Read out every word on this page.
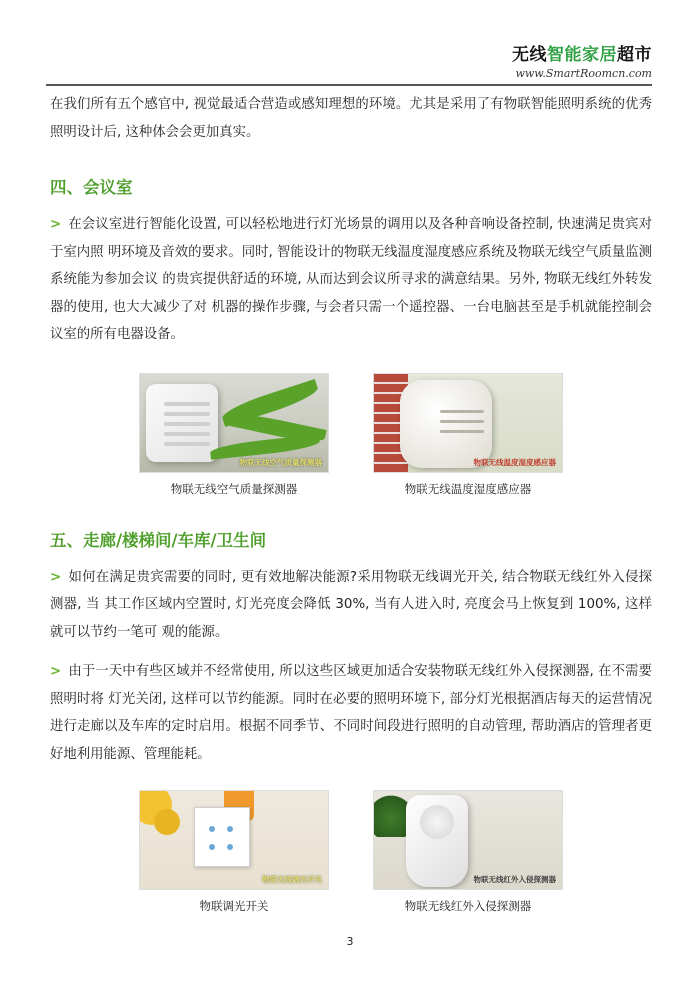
无线智能家居超市
www.SmartRoomcn.com

在我们所有五个感官中, 视觉最适合营造或感知理想的环境。尤其是采用了有物联智能照明系统的优秀照明设计后, 这种体会会更加真实。

四、会议室

> 在会议室进行智能化设置, 可以轻松地进行灯光场景的调用以及各种音响设备控制, 快速满足贵宾对于室内照 明环境及音效的要求。同时, 智能设计的物联无线温度湿度感应系统及物联无线空气质量监测系统能为参加会议 的贵宾提供舒适的环境, 从而达到会议所寻求的满意结果。另外, 物联无线红外转发器的使用, 也大大减少了对 机器的操作步骤, 与会者只需一个遥控器、一台电脑甚至是手机就能控制会议室的所有电器设备。

物联无线空气质量探测器
物联无线空气质量探测器
物联无线温度湿度感应器
物联无线温度湿度感应器
五、走廊/楼梯间/车库/卫生间

> 如何在满足贵宾需要的同时, 更有效地解决能源?采用物联无线调光开关, 结合物联无线红外入侵探测器, 当 其工作区域内空置时, 灯光亮度会降低 30%, 当有人进入时, 亮度会马上恢复到 100%, 这样就可以节约一笔可 观的能源。

> 由于一天中有些区域并不经常使用, 所以这些区域更加适合安装物联无线红外入侵探测器, 在不需要照明时将 灯光关闭, 这样可以节约能源。同时在必要的照明环境下, 部分灯光根据酒店每天的运营情况进行走廊以及车库的定时启用。根据不同季节、不同时间段进行照明的自动管理, 帮助酒店的管理者更好地利用能源、管理能耗。

物联无线调光开关
物联调光开关
物联无线红外入侵探测器
物联无线红外入侵探测器
3
